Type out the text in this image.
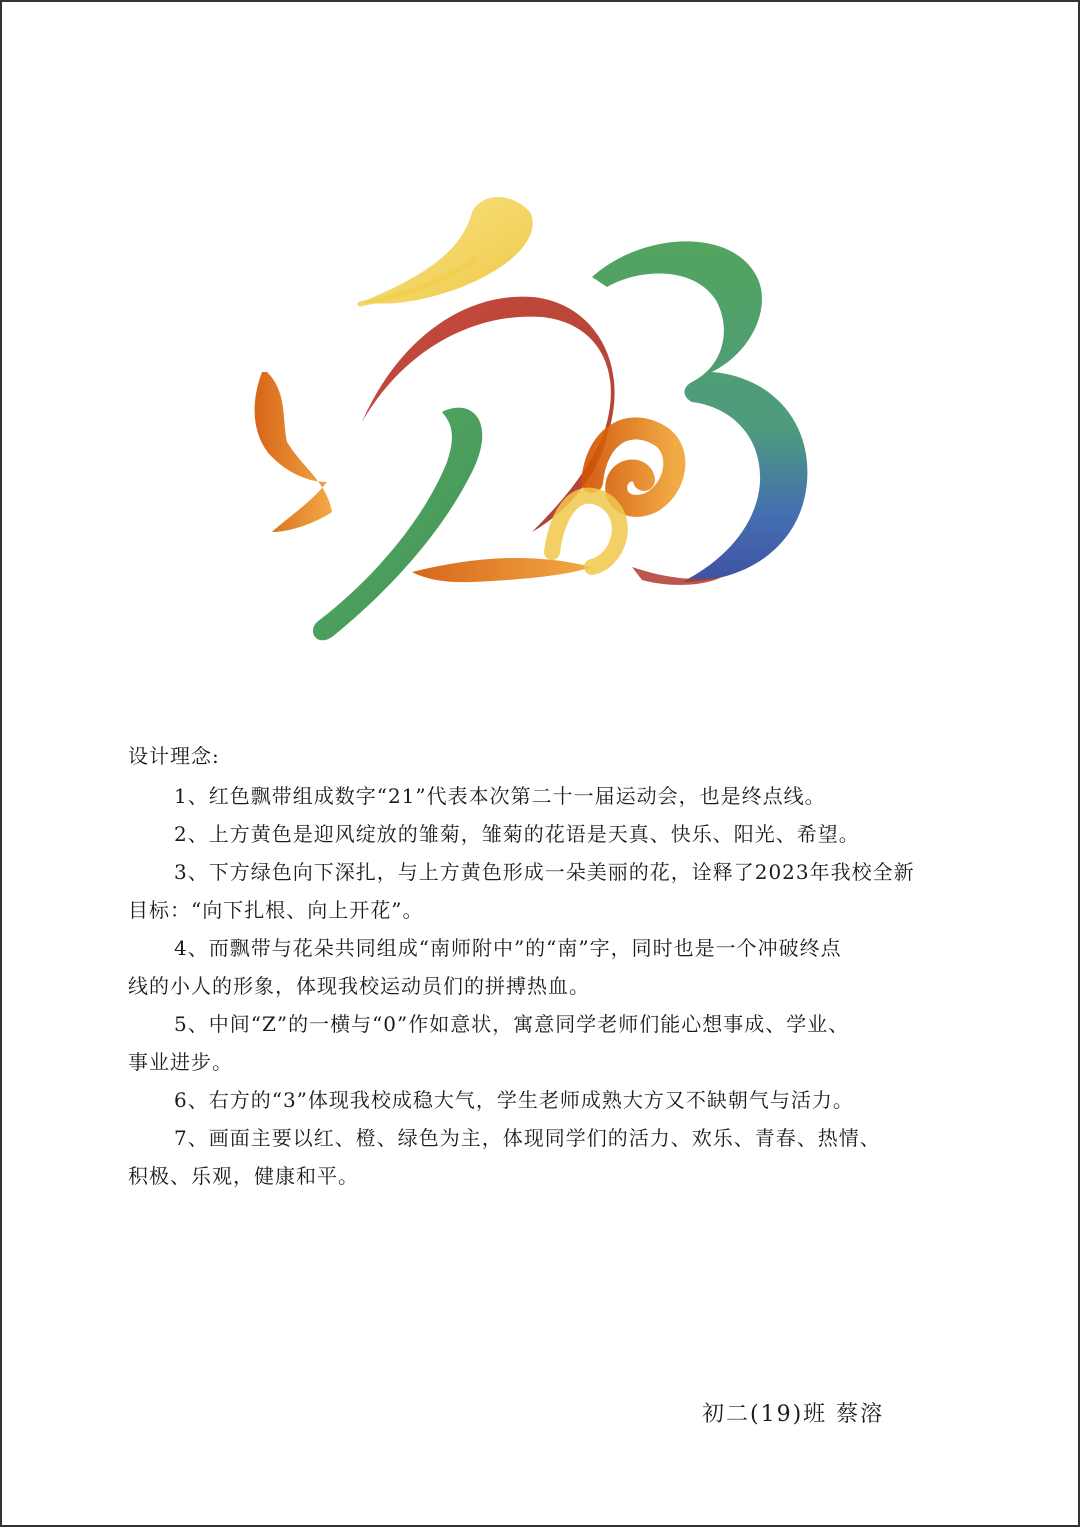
设计理念:

1、红色飘带组成数字“21”代表本次第二十一届运动会，也是终点线。

2、上方黄色是迎风绽放的雏菊，雏菊的花语是天真、快乐、阳光、希望。

3、下方绿色向下深扎，与上方黄色形成一朵美丽的花，诠释了2023年我校全新

目标：“向下扎根、向上开花”。

4、而飘带与花朵共同组成“南师附中”的“南”字，同时也是一个冲破终点

线的小人的形象，体现我校运动员们的拼搏热血。

5、中间“Z”的一横与“0”作如意状，寓意同学老师们能心想事成、学业、

事业进步。

6、右方的“3”体现我校成稳大气，学生老师成熟大方又不缺朝气与活力。

7、画面主要以红、橙、绿色为主，体现同学们的活力、欢乐、青春、热情、

积极、乐观，健康和平。

初二(19)班 蔡溶
